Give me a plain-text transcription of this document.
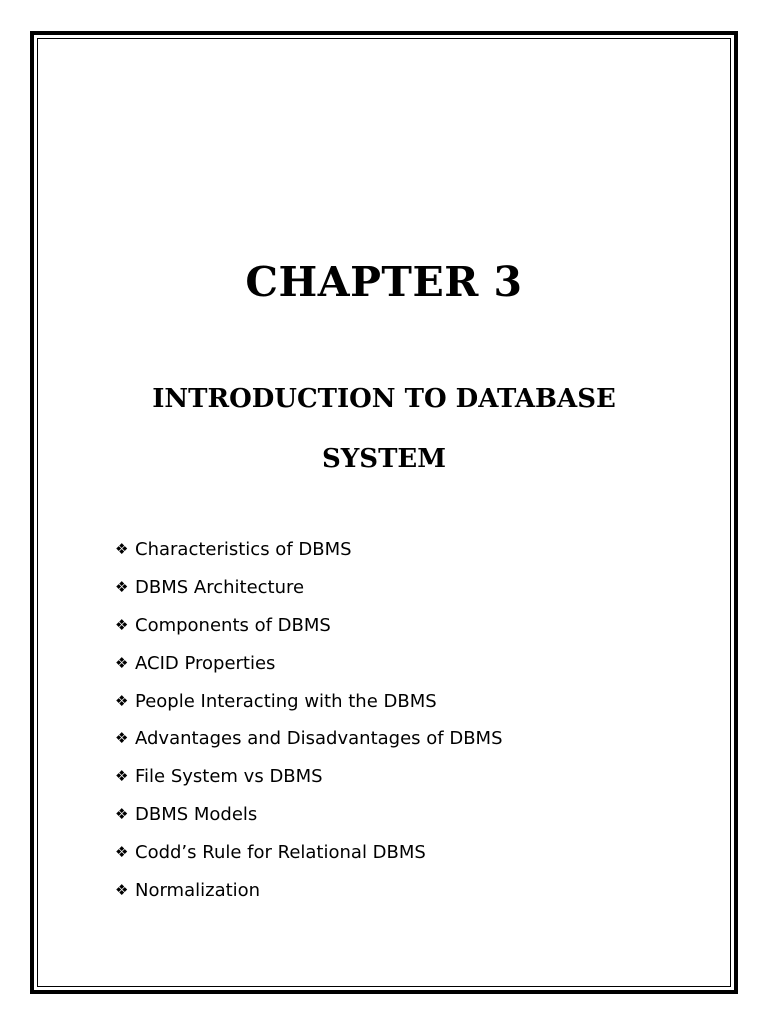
CHAPTER 3
INTRODUCTION TO DATABASE
SYSTEM
❖ Characteristics of DBMS
❖ DBMS Architecture
❖ Components of DBMS
❖ ACID Properties
❖ People Interacting with the DBMS
❖ Advantages and Disadvantages of DBMS
❖ File System vs DBMS
❖ DBMS Models
❖ Codd’s Rule for Relational DBMS
❖ Normalization
